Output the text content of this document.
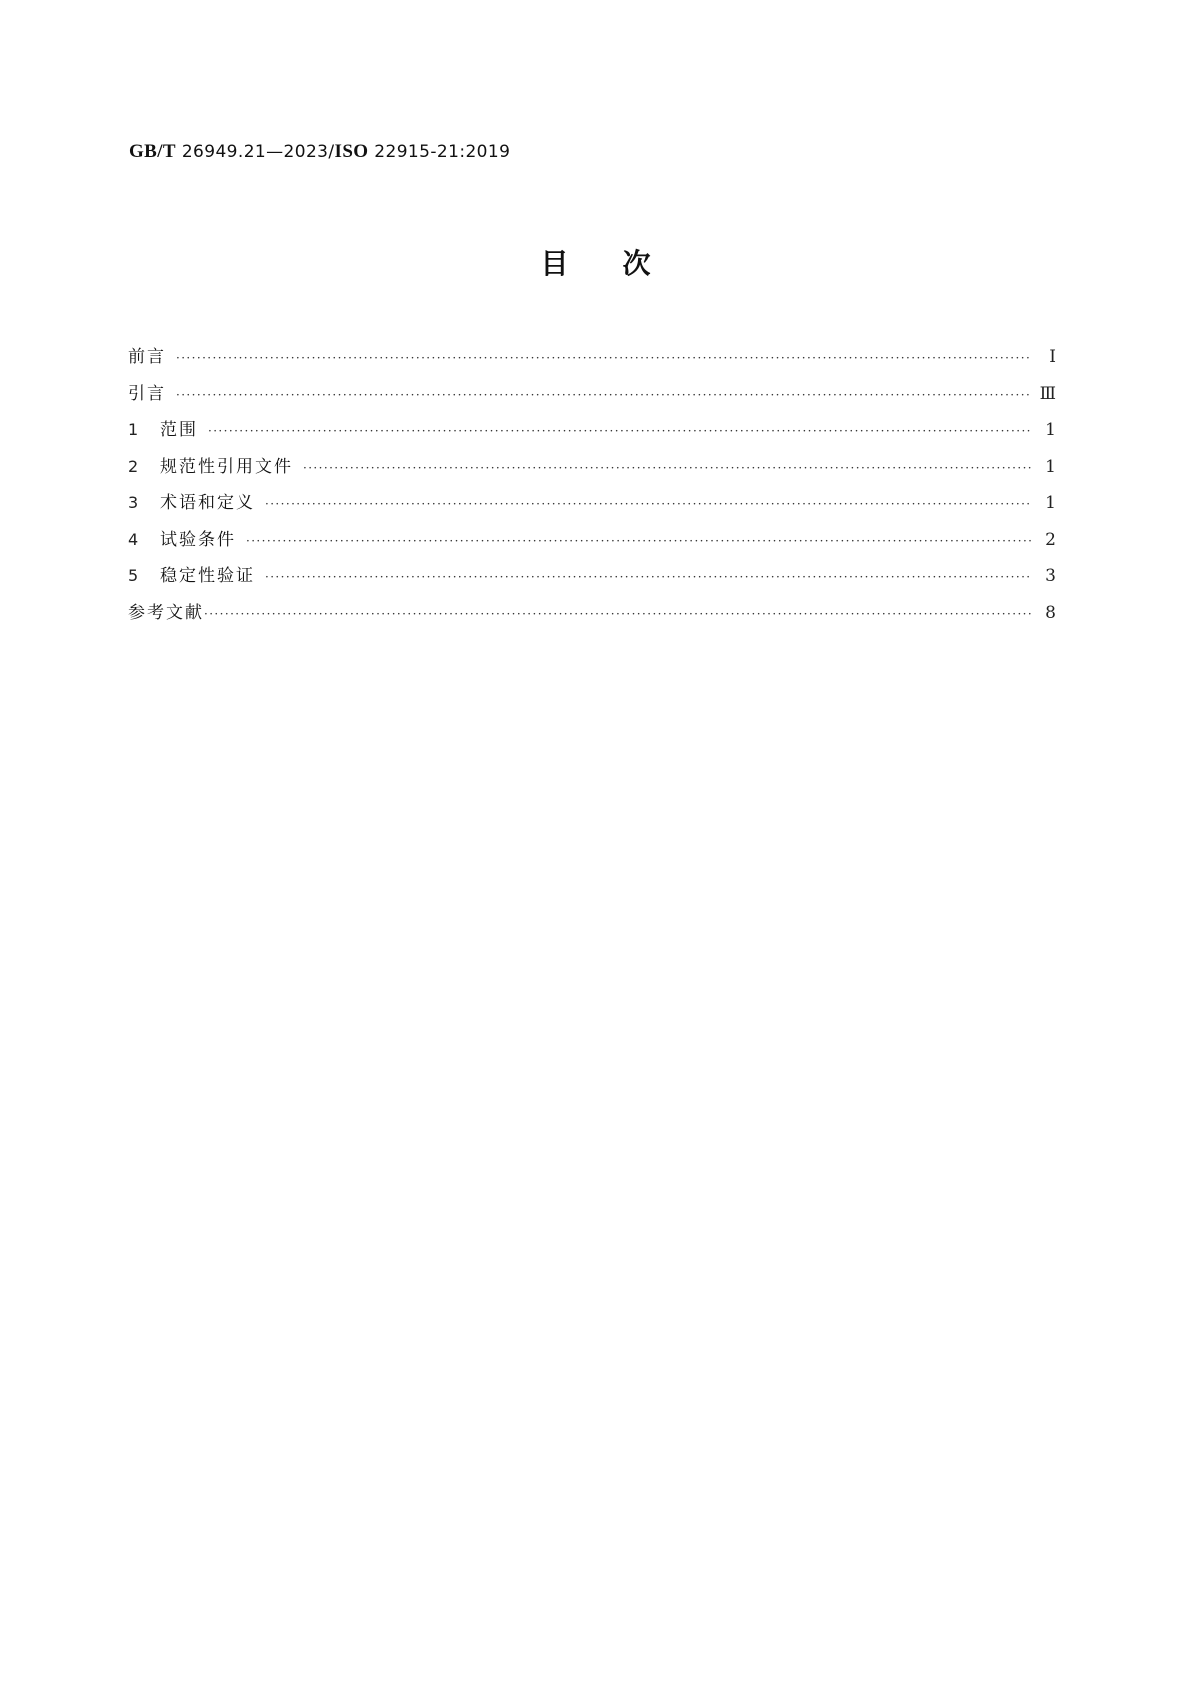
GB/T 26949.21—2023/ISO 22915-21:2019
目次
前言 ·····	Ⅰ
引言 ·····	Ⅲ
1	范围 ·····	1
2	规范性引用文件 ·····	1
3	术语和定义 ·····	1
4	试验条件 ·····	2
5	稳定性验证 ·····	3
参考文献 ·····	8
